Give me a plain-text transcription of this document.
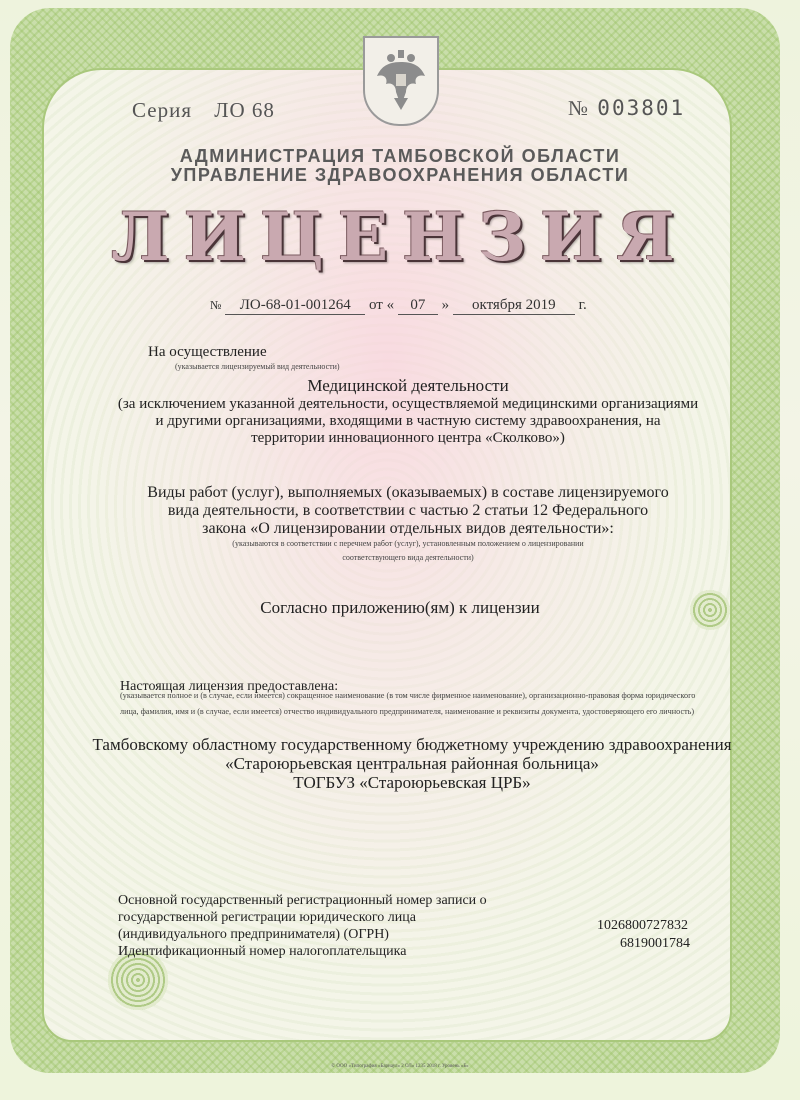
Серия ЛО 68	№ 003801
АДМИНИСТРАЦИЯ ТАМБОВСКОЙ ОБЛАСТИ
УПРАВЛЕНИЕ ЗДРАВООХРАНЕНИЯ ОБЛАСТИ
ЛИЦЕНЗИЯ
№ ЛО-68-01-001264 от « 07 » октября 2019 г.
На осуществление
(указывается лицензируемый вид деятельности)
Медицинской деятельности
(за исключением указанной деятельности, осуществляемой медицинскими организациями
и другими организациями, входящими в частную систему здравоохранения, на
территории инновационного центра «Сколково»)
Виды работ (услуг), выполняемых (оказываемых) в составе лицензируемого
вида деятельности, в соответствии с частью 2 статьи 12 Федерального
закона «О лицензировании отдельных видов деятельности»:
(указываются в соответствии с перечнем работ (услуг), установленным положением о лицензировании
соответствующего вида деятельности)
Согласно приложению(ям) к лицензии
Настоящая лицензия предоставлена:
(указывается полное и (в случае, если имеется) сокращенное наименование (в том числе фирменное наименование), организационно-правовая форма юридического
лица, фамилия, имя и (в случае, если имеется) отчество индивидуального предпринимателя, наименование и реквизиты документа, удостоверяющего его личность)
Тамбовскому областному государственному бюджетному учреждению здравоохранения
«Староюрьевская центральная районная больница»
ТОГБУЗ «Староюрьевская ЦРБ»
Основной государственный регистрационный номер записи о
государственной регистрации юридического лица
(индивидуального предпринимателя) (ОГРН)
1026800727832
Идентификационный номер налогоплательщика
6819001784
© ООО «Типография «Барнаул» 2 ОЛ» 1235 2018 г. Уровень «Б»
